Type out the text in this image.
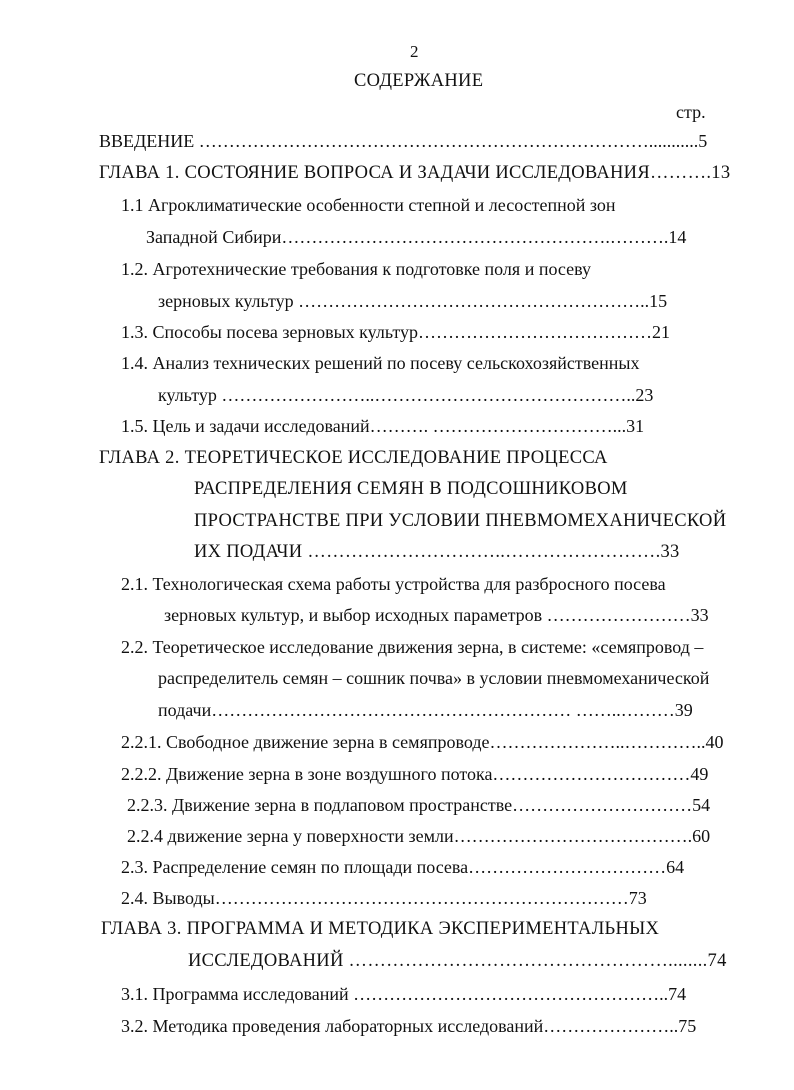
2
СОДЕРЖАНИЕ
стр.
ВВЕДЕНИЕ …………………………………………………………………...........5
ГЛАВА 1. СОСТОЯНИЕ ВОПРОСА И ЗАДАЧИ ИССЛЕДОВАНИЯ……….13
1.1 Агроклиматические особенности степной и лесостепной зон
Западной Сибири……………………………………………….……….14
1.2. Агротехнические требования к подготовке поля и посеву
зерновых культур …………………………………………………..15
1.3. Способы посева зерновых культур…………………………………21
1.4. Анализ технических решений по посеву сельскохозяйственных
культур ……………………..……………………………………..23
1.5. Цель и задачи исследований………. …………………………...31
ГЛАВА 2. ТЕОРЕТИЧЕСКОЕ ИССЛЕДОВАНИЕ ПРОЦЕССА
РАСПРЕДЕЛЕНИЯ СЕМЯН В ПОДСОШНИКОВОМ
ПРОСТРАНСТВЕ ПРИ УСЛОВИИ ПНЕВМОМЕХАНИЧЕСКОЙ
ИХ ПОДАЧИ …………………………..…………………….33
2.1. Технологическая схема работы устройства для разбросного посева
зерновых культур, и выбор исходных параметров ……………………33
2.2. Теоретическое исследование движения зерна, в системе: «семяпровод –
распределитель семян – сошник почва» в условии пневмомеханической
подачи…………………………………………………… ……..………39
2.2.1. Свободное движение зерна в семяпроводе…………………..…………..40
2.2.2. Движение зерна в зоне воздушного потока……………………………49
2.2.3. Движение зерна в подлаповом пространстве…………………………54
2.2.4 движение зерна у поверхности земли………………………………….60
2.3. Распределение семян по площади посева……………………………64
2.4. Выводы……………………………………………………………73
ГЛАВА 3. ПРОГРАММА И МЕТОДИКА ЭКСПЕРИМЕНТАЛЬНЫХ
ИССЛЕДОВАНИЙ ……………………………………………........74
3.1. Программа исследований ……………………………………………..74
3.2. Методика проведения лабораторных исследований…………………..75
